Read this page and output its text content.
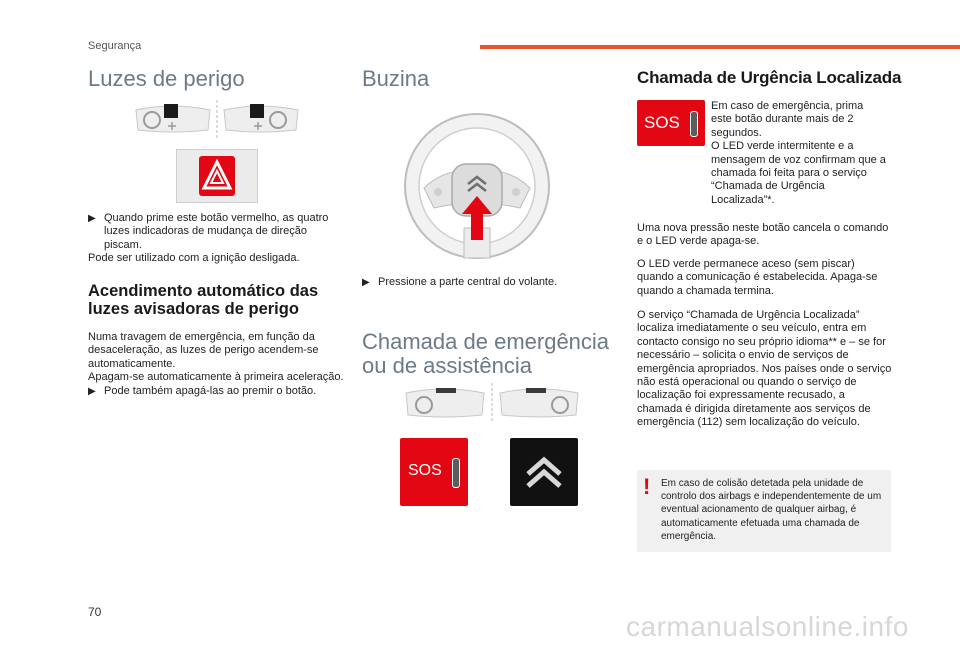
Segurança
Luzes de perigo
▶ Quando prime este botão vermelho, as quatro luzes indicadoras de mudança de direção piscam.

Pode ser utilizado com a ignição desligada.

Acendimento automático das luzes avisadoras de perigo

Numa travagem de emergência, em função da desaceleração, as luzes de perigo acendem-se automaticamente.

Apagam-se automaticamente à primeira aceleração.

▶ Pode também apagá-las ao premir o botão.
Buzina
▶ Pressione a parte central do volante.
Chamada de emergência ou de assistência
SOS
Chamada de Urgência Localizada
SOS

Em caso de emergência, prima este botão durante mais de 2 segundos.

O LED verde intermitente e a mensagem de voz confirmam que a chamada foi feita para o serviço “Chamada de Urgência Localizada”*.

Uma nova pressão neste botão cancela o comando e o LED verde apaga-se.
O LED verde permanece aceso (sem piscar) quando a comunicação é estabelecida. Apaga-se quando a chamada termina.
O serviço “Chamada de Urgência Localizada” localiza imediatamente o seu veículo, entra em contacto consigo no seu próprio idioma** e – se for necessário – solicita o envio de serviços de emergência apropriados. Nos países onde o serviço não está operacional ou quando o serviço de localização foi expressamente recusado, a chamada é dirigida diretamente aos serviços de emergência (112) sem localização do veículo.
! Em caso de colisão detetada pela unidade de controlo dos airbags e independentemente de um eventual acionamento de qualquer airbag, é automaticamente efetuada uma chamada de emergência.
70	carmanualsonline.info
